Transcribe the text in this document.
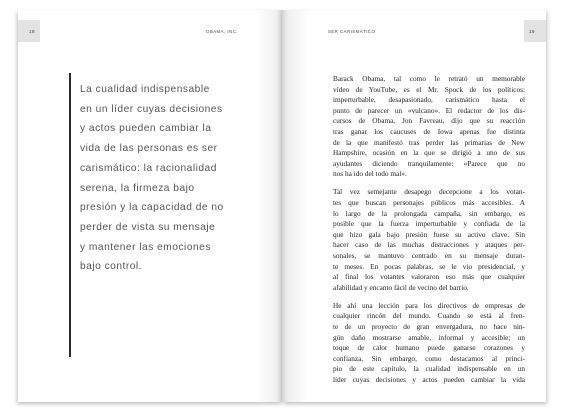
18	OBAMA, INC.
La cualidad indispensable
en un líder cuyas decisiones
y actos pueden cambiar la
vida de las personas es ser
carismático: la racionalidad
serena, la firmeza bajo
presión y la capacidad de no
perder de vista su mensaje
y mantener las emociones
bajo control.
SER CARISMÁTICO	19
Barack Obama, tal como le retrató un memorable
vídeo de YouTube, es el Mr. Spock de los políticos:
imperturbable, desapasionado, carismático hasta el
punto de parecer un «vulcano». El redactor de los dis-
cursos de Obama, Jon Favreau, dijo que su reacción
tras ganar los caucuses de Iowa apenas fue distinta
de la que manifestó tras perder las primarias de New
Hampshire, ocasión en la que se dirigió a uno de sus
ayudantes diciendo tranquilamente: «Parece que no
nos ha ido del todo mal».
Tal vez semejante desapego decepcione a los votan-
tes que buscan personajes públicos más accesibles. A
lo largo de la prolongada campaña, sin embargo, es
posible que la fuerza imperturbable y confiada de la
que hizo gala bajo presión fuese su activo clave. Sin
hacer caso de las muchas distracciones y ataques per-
sonales, se mantuvo centrado en su mensaje duran-
te meses. En pocas palabras, se le vio presidencial, y
al final los votantes valoraron eso más que cualquier
afabilidad y encanto fácil de vecino del barrio.
He ahí una lección para los directivos de empresas de
cualquier rincón del mundo. Cuando se está al fren-
te de un proyecto de gran envergadura, no hace nin-
gún daño mostrarse amable, informal y accesible; un
toque de calor humano puede ganarse corazones y
confianza. Sin embargo, como destacamos al princi-
pio de este capítulo, la cualidad indispensable en un
líder cuyas decisiones y actos pueden cambiar la vida
